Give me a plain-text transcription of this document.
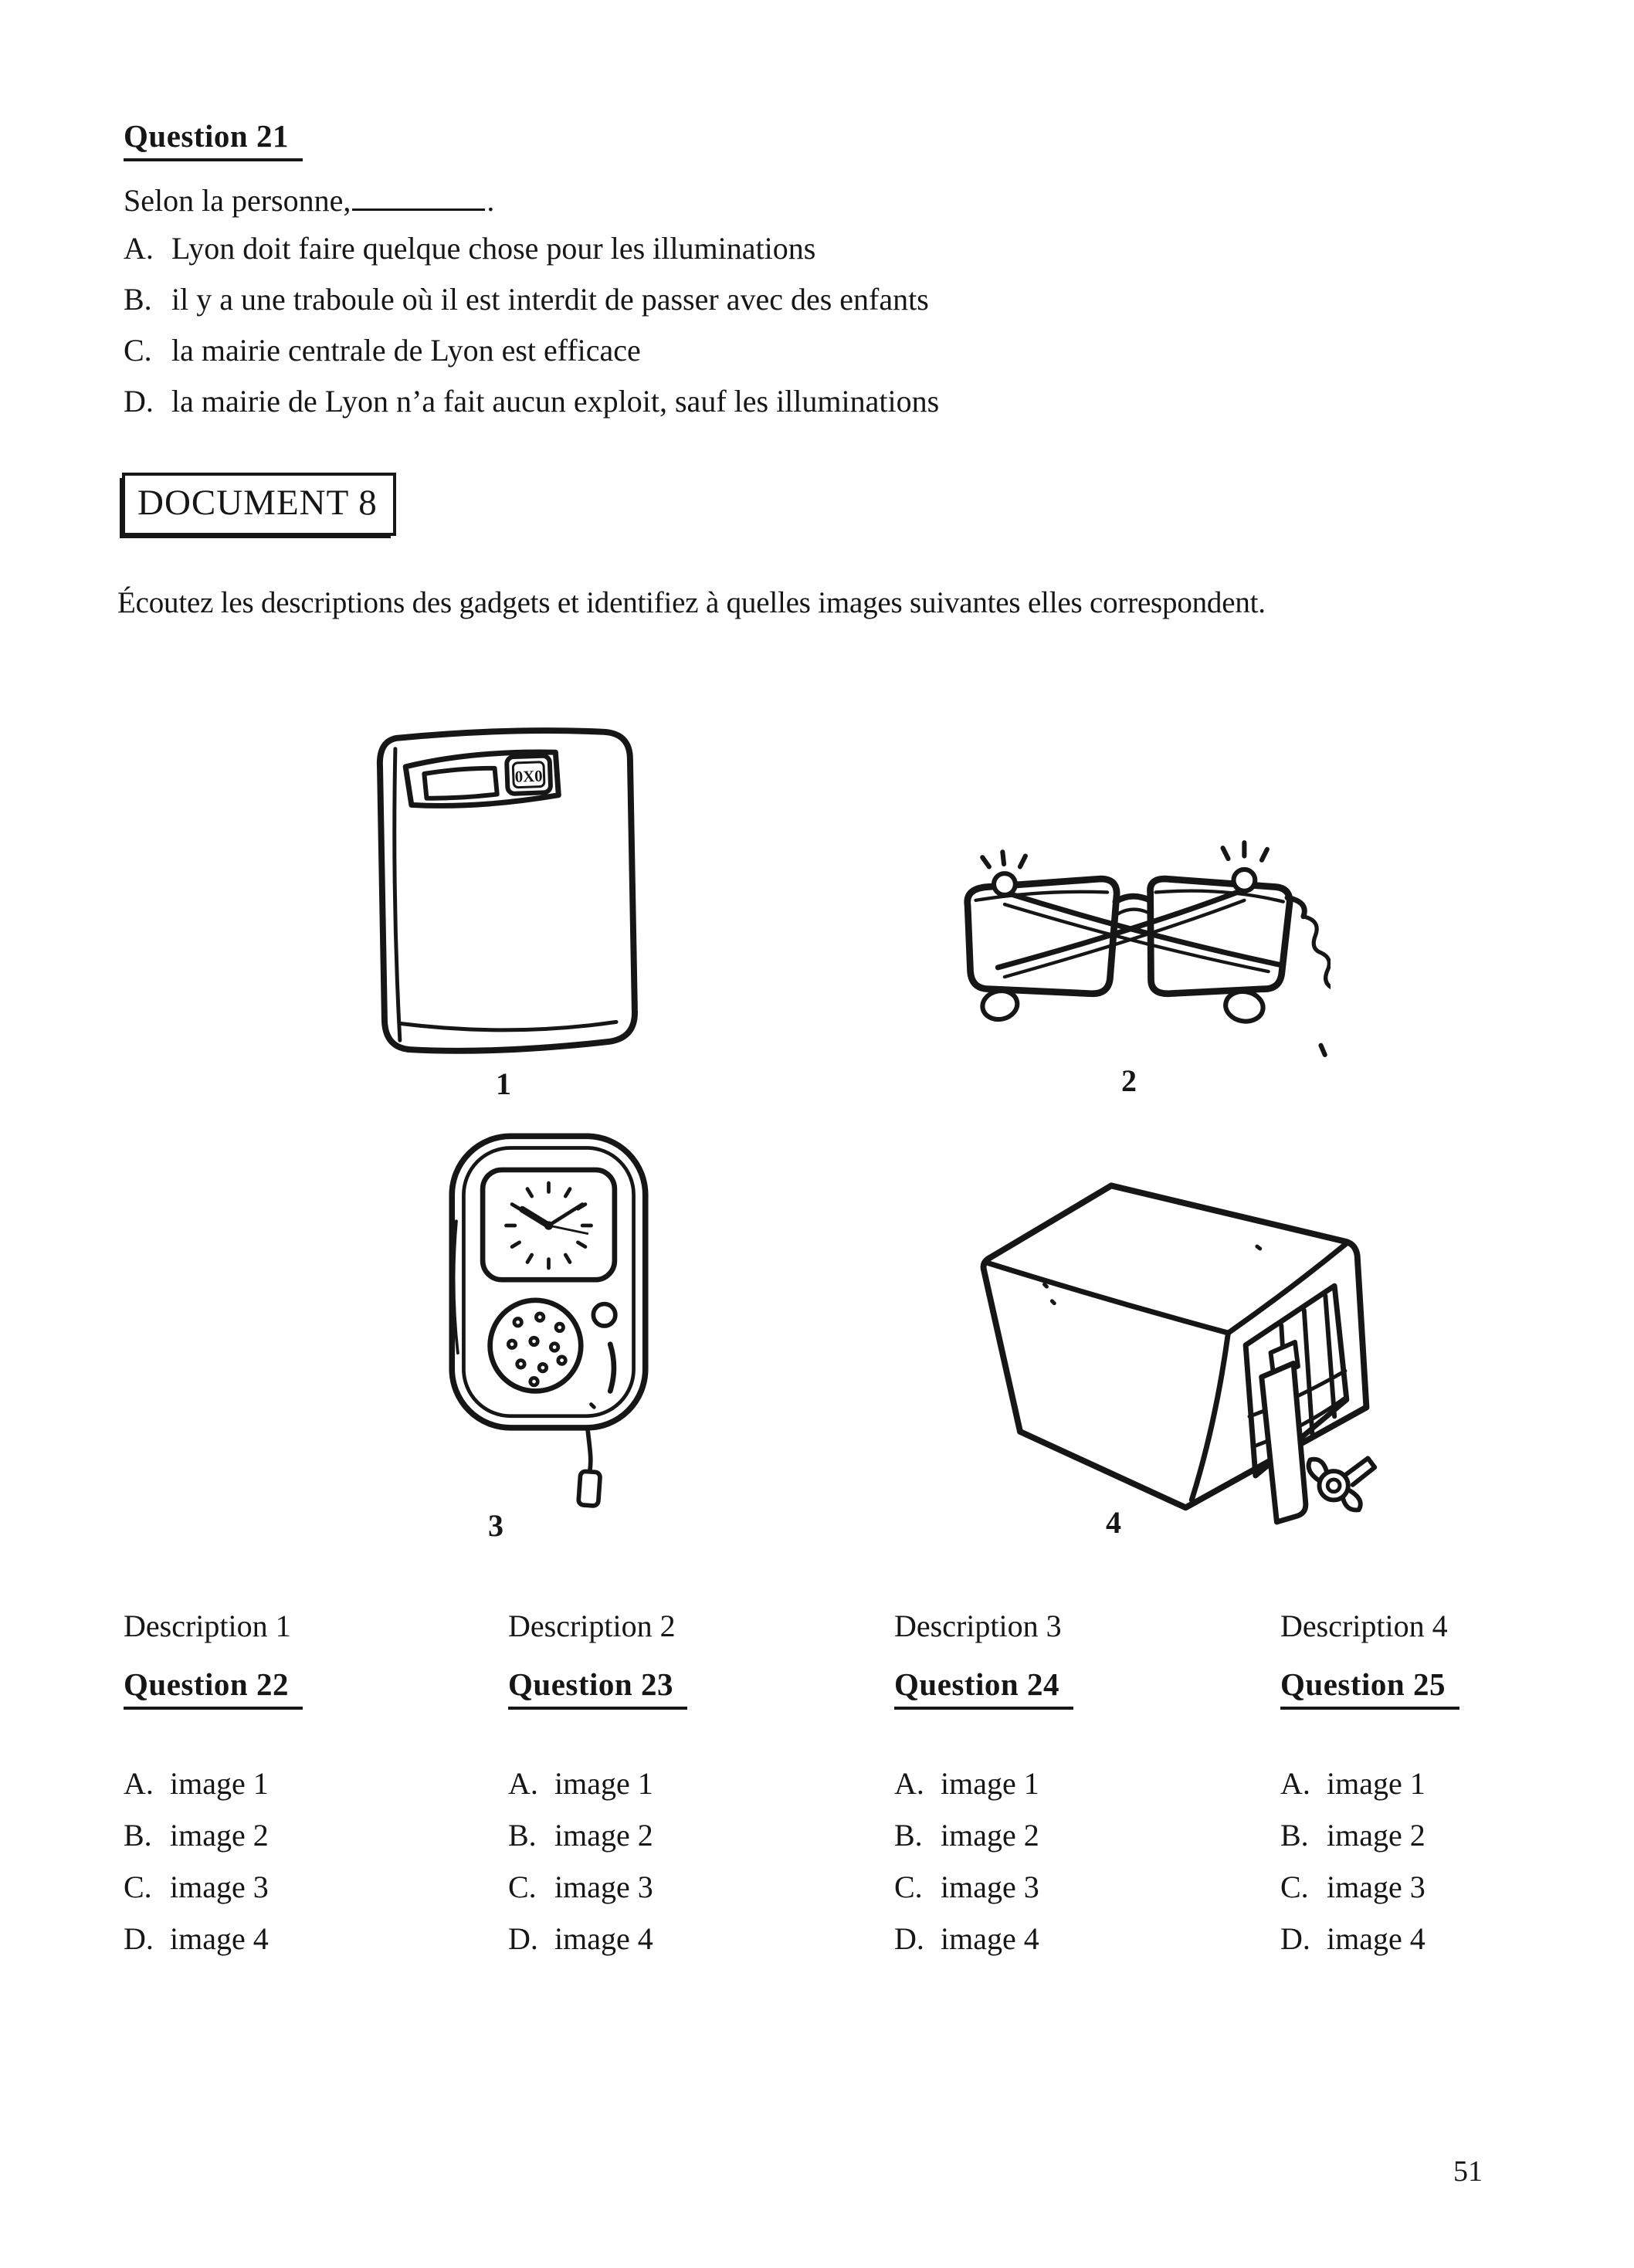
Question 21
Selon la personne,	.
A. Lyon doit faire quelque chose pour les illuminations
B. il y a une traboule où il est interdit de passer avec des enfants
C. la mairie centrale de Lyon est efficace
D. la mairie de Lyon n’a fait aucun exploit, sauf les illuminations
DOCUMENT 8
Écoutez les descriptions des gadgets et identifiez à quelles images suivantes elles correspondent.
0X0
1	2
3	4
Description 1
Question 22
A. image 1
B. image 2
C. image 3
D. image 4
Description 2
Question 23
A. image 1
B. image 2
C. image 3
D. image 4
Description 3
Question 24
A. image 1
B. image 2
C. image 3
D. image 4
Description 4
Question 25
A. image 1
B. image 2
C. image 3
D. image 4
51
